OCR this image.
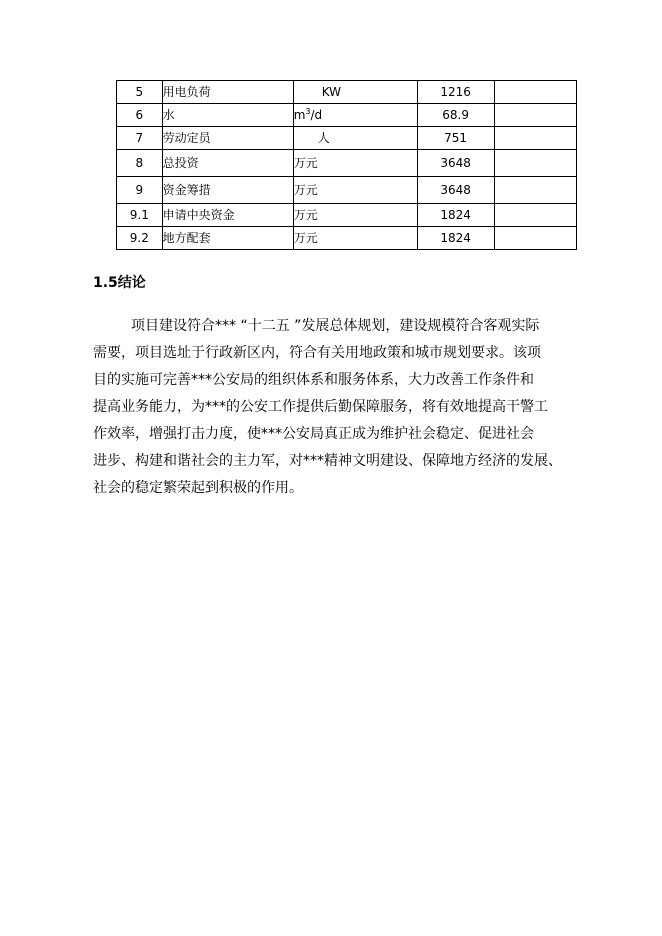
5	用电负荷	KW	1216	
6	水	$m^3/d$	68.9	
7	劳动定员	人	751	
8	总投资	万元	3648	
9	资金筹措	万元	3648	
9.1	申请中央资金	万元	1824	
9.2	地方配套	万元	1824	
1.5结论
项目建设符合*** “十二五 ”发展总体规划，建设规模符合客观实际
需要，项目选址于行政新区内，符合有关用地政策和城市规划要求。该项
目的实施可完善***公安局的组织体系和服务体系，大力改善工作条件和
提高业务能力，为***的公安工作提供后勤保障服务，将有效地提高干警工
作效率，增强打击力度，使***公安局真正成为维护社会稳定、促进社会
进步、构建和谐社会的主力军，对***精神文明建设、保障地方经济的发展、
社会的稳定繁荣起到积极的作用。
